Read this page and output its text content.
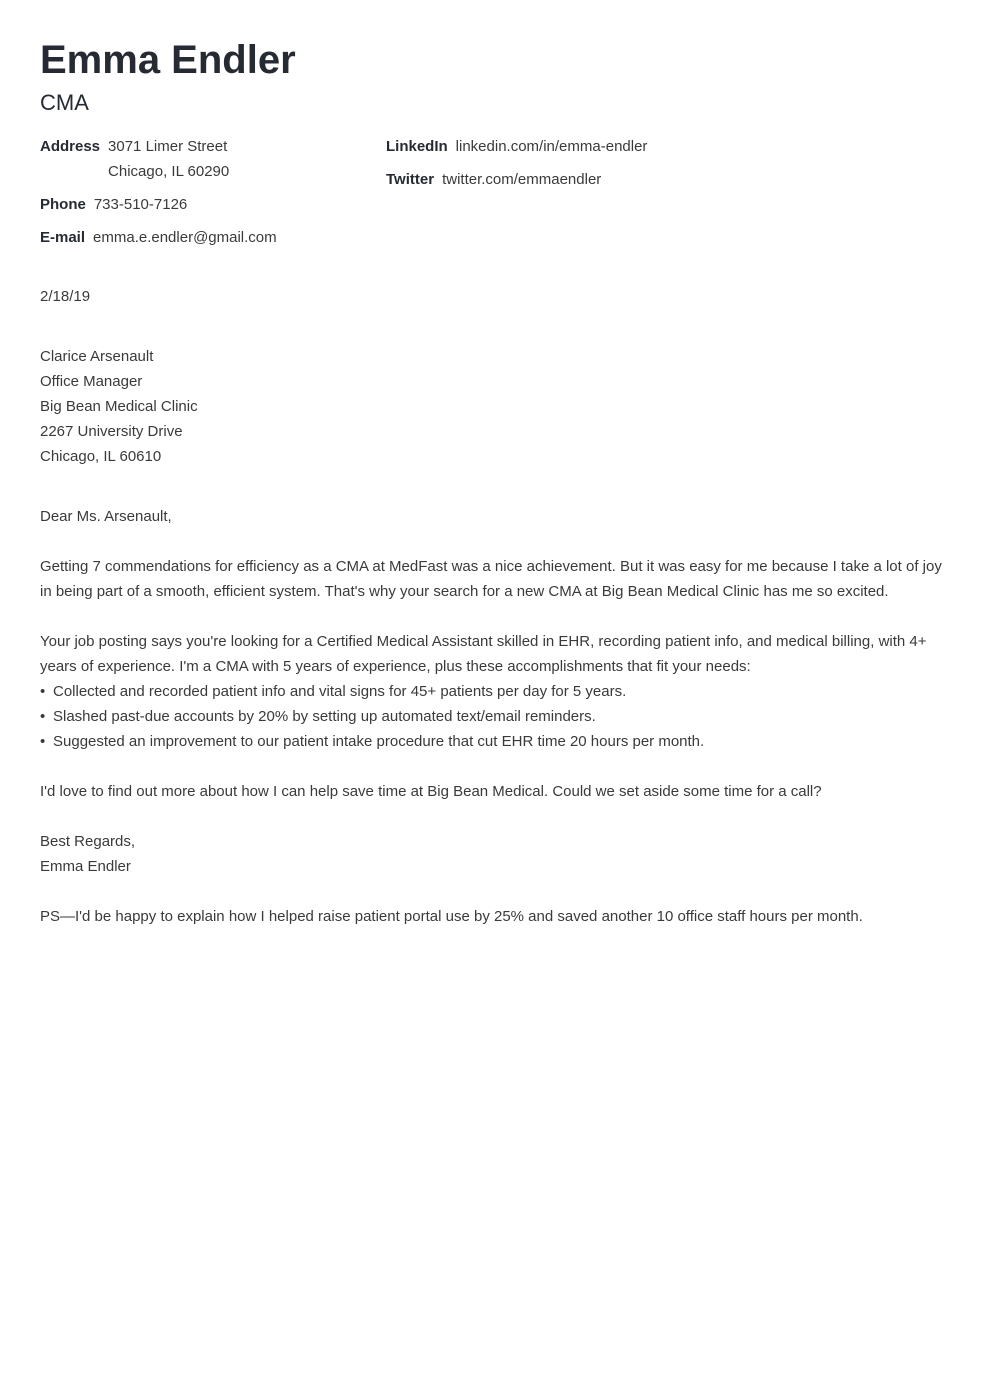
Emma Endler
CMA
Address 3071 Limer Street
Chicago, IL 60290
Phone 733-510-7126
E-mail emma.e.endler@gmail.com
LinkedIn linkedin.com/in/emma-endler
Twitter twitter.com/emmaendler
2/18/19
Clarice Arsenault
Office Manager
Big Bean Medical Clinic
2267 University Drive
Chicago, IL 60610
Dear Ms. Arsenault,

Getting 7 commendations for efficiency as a CMA at MedFast was a nice achievement. But it was easy for me because I take a lot of joy in being part of a smooth, efficient system. That's why your search for a new CMA at Big Bean Medical Clinic has me so excited.

Your job posting says you're looking for a Certified Medical Assistant skilled in EHR, recording patient info, and medical billing, with 4+ years of experience. I'm a CMA with 5 years of experience, plus these accomplishments that fit your needs:

• Collected and recorded patient info and vital signs for 45+ patients per day for 5 years.
• Slashed past-due accounts by 20% by setting up automated text/email reminders.
• Suggested an improvement to our patient intake procedure that cut EHR time 20 hours per month.

I'd love to find out more about how I can help save time at Big Bean Medical. Could we set aside some time for a call?

Best Regards,
Emma Endler
PS—I'd be happy to explain how I helped raise patient portal use by 25% and saved another 10 office staff hours per month.
